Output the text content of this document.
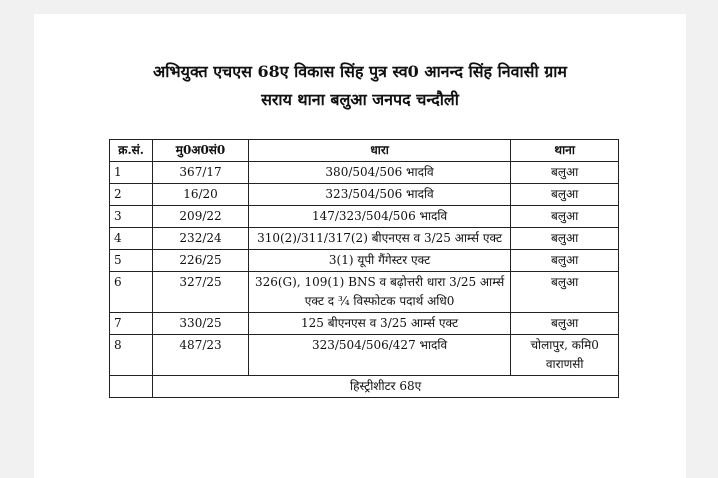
अभियुक्त एचएस 68ए विकास सिंह पुत्र स्व0 आनन्द सिंह निवासी ग्राम
सराय थाना बलुआ जनपद चन्दौली
क्र.सं.	मु0अ0सं0	धारा	थाना
1	367/17	380/504/506 भादवि	बलुआ
2	16/20	323/504/506 भादवि	बलुआ
3	209/22	147/323/504/506 भादवि	बलुआ
4	232/24	310(2)/311/317(2) बीएनएस व 3/25 आर्म्स एक्ट	बलुआ
5	226/25	3(1) यूपी गैंगेस्टर एक्ट	बलुआ
6	327/25	326(G), 109(1) BNS व बढ़ोत्तरी धारा 3/25 आर्म्स एक्ट द ¾ विस्फोटक पदार्थ अधि0	बलुआ
7	330/25	125 बीएनएस व 3/25 आर्म्स एक्ट	बलुआ
8	487/23	323/504/506/427 भादवि	चोलापुर, कमि0 वाराणसी
	हिस्ट्रीशीटर 68ए		
